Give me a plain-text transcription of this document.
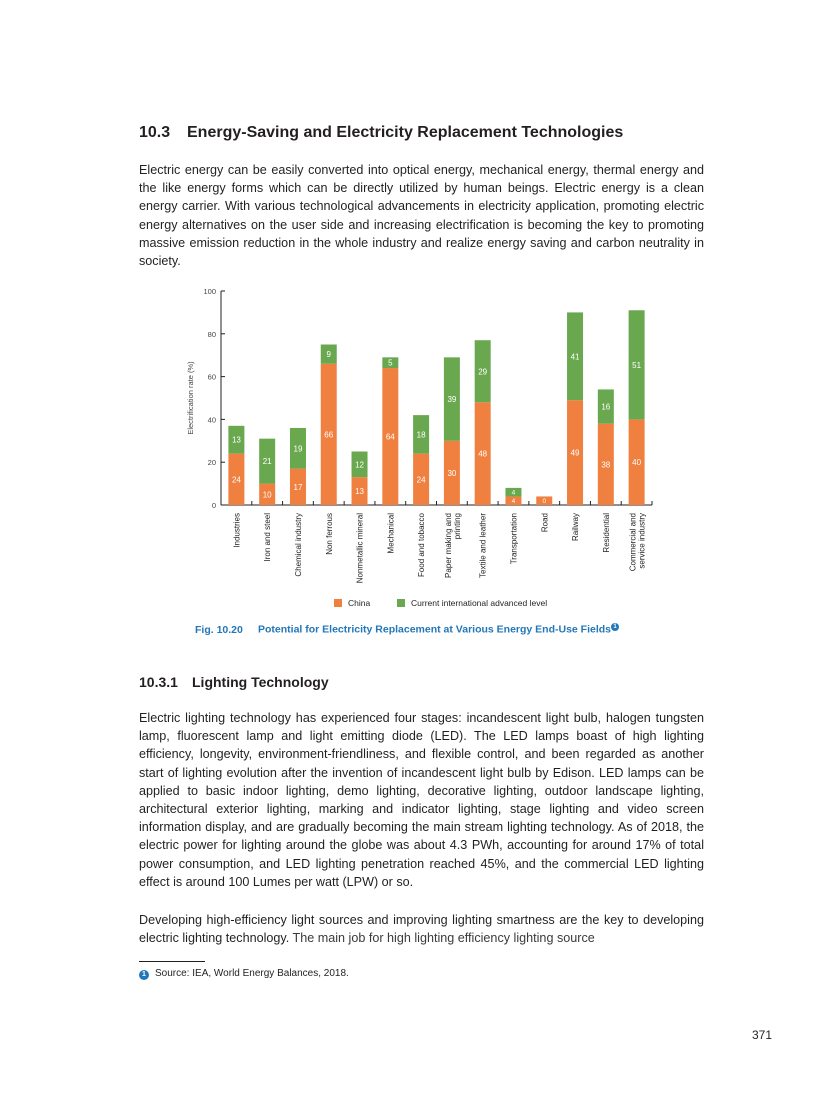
10.3 Energy-Saving and Electricity Replacement Technologies
Electric energy can be easily converted into optical energy, mechanical energy, thermal energy and the like energy forms which can be directly utilized by human beings. Electric energy is a clean energy carrier. With various technological advancements in electricity application, promoting electric energy alternatives on the user side and increasing electrification is becoming the key to promoting massive emission reduction in the whole industry and realize energy saving and carbon neutrality in society.
0
20
40
60
80
100
Electrification rate (%)
24
13
Industries
10
21
Iron and steel
17
19
Chemical industry
66
9
Non ferrous
13
12
Nonmetallic mineral
64
5
Mechanical
24
18
Food and tobacco
30
39
Paper making and printing
48
29
Textile and leather
4
4
Transportation
0
Road
49
41
Railway
38
16
Residential
40
51
Commercial and service industry
China	Current international advanced level
Fig. 10.20 Potential for Electricity Replacement at Various Energy End-Use Fields 1
10.3.1 Lighting Technology
Electric lighting technology has experienced four stages: incandescent light bulb, halogen tungsten lamp, fluorescent lamp and light emitting diode (LED). The LED lamps boast of high lighting efficiency, longevity, environment-friendliness, and flexible control, and been regarded as another start of lighting evolution after the invention of incandescent light bulb by Edison. LED lamps can be applied to basic indoor lighting, demo lighting, decorative lighting, outdoor landscape lighting, architectural exterior lighting, marking and indicator lighting, stage lighting and video screen information display, and are gradually becoming the main stream lighting technology. As of 2018, the electric power for lighting around the globe was about 4.3 PWh, accounting for around 17% of total power consumption, and LED lighting penetration reached 45%, and the commercial LED lighting effect is around 100 Lumes per watt (LPW) or so.
Developing high-efficiency light sources and improving lighting smartness are the key to developing electric lighting technology. The main job for high lighting efficiency lighting source
1 Source: IEA, World Energy Balances, 2018.
371
